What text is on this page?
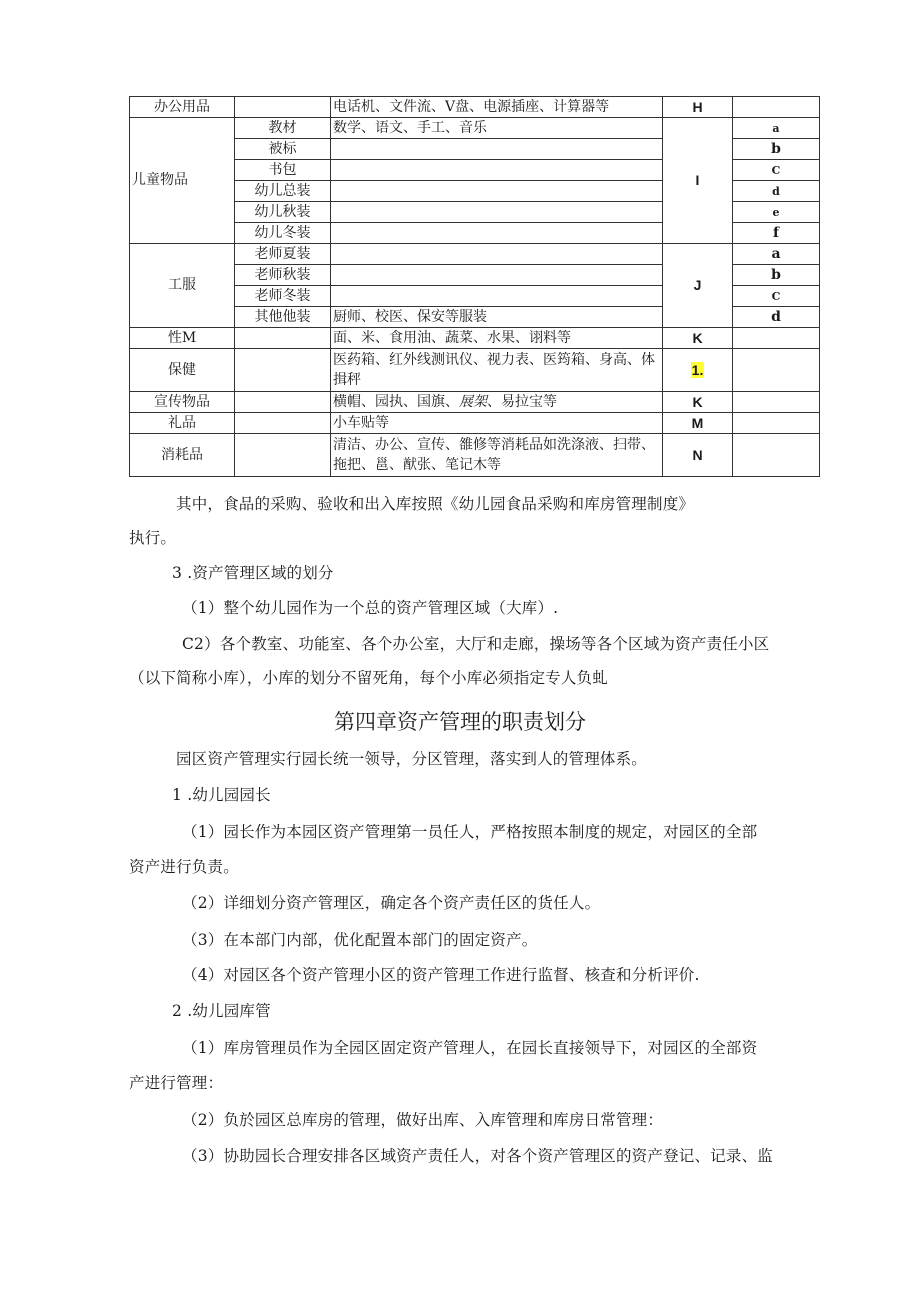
办公用品		电话机、文件流、V盘、电源插座、计算器等	H	
儿童物品	教材	数学、语文、手工、音乐	I	a
	被标			b
	书包			C
	幼儿总装			d
	幼儿秋装			e
	幼儿冬装			f
工服	老师夏装		J	a
	老师秋装			b
	老师冬装			C
	其他他装	厨师、校医、保安等服装		d
性M		面、米、食用油、蔬菜、水果、诩料等	K	
保健		医药箱、红外线测讯仪、视力表、医筠箱、身高、体揖秤	1.	
宣传物品		横帽、园执、国旗、展架、易拉宝等	K	
礼品		小车贴等	M	
消耗品		清洁、办公、宣传、雒修等消耗品如洗涤液、扫带、拖把、邕、猷张、笔记木等	N	
其中，食品的采购、验收和出入库按照《幼儿园食品采购和库房管理制度》
执行。
3 .资产管理区域的划分
（1）整个幼儿园作为一个总的资产管理区域（大库）.
C2）各个教室、功能室、各个办公室，大厅和走廊，操场等各个区域为资产责任小区
（以下简称小库），小库的划分不留死角，每个小库必须指定专人负虬
第四章资产管理的职责划分
园区资产管理实行园长统一领导，分区管理，落实到人的管理体系。
1 .幼儿园园长
（1）园长作为本园区资产管理第一员任人，严格按照本制度的规定，对园区的全部
资产进行负责。
（2）详细划分资产管理区，确定各个资产责任区的货任人。
（3）在本部门内部，优化配置本部门的固定资产。
（4）对园区各个资产管理小区的资产管理工作进行监督、核查和分析评价.
2 .幼儿园库管
（1）库房管理员作为全园区固定资产管理人，在园长直接领导下，对园区的全部资
产进行管理：
（2）负於园区总库房的管理，做好出库、入库管理和库房日常管理：
（3）协助园长合理安排各区域资产责任人，对各个资产管理区的资产登记、记录、监
